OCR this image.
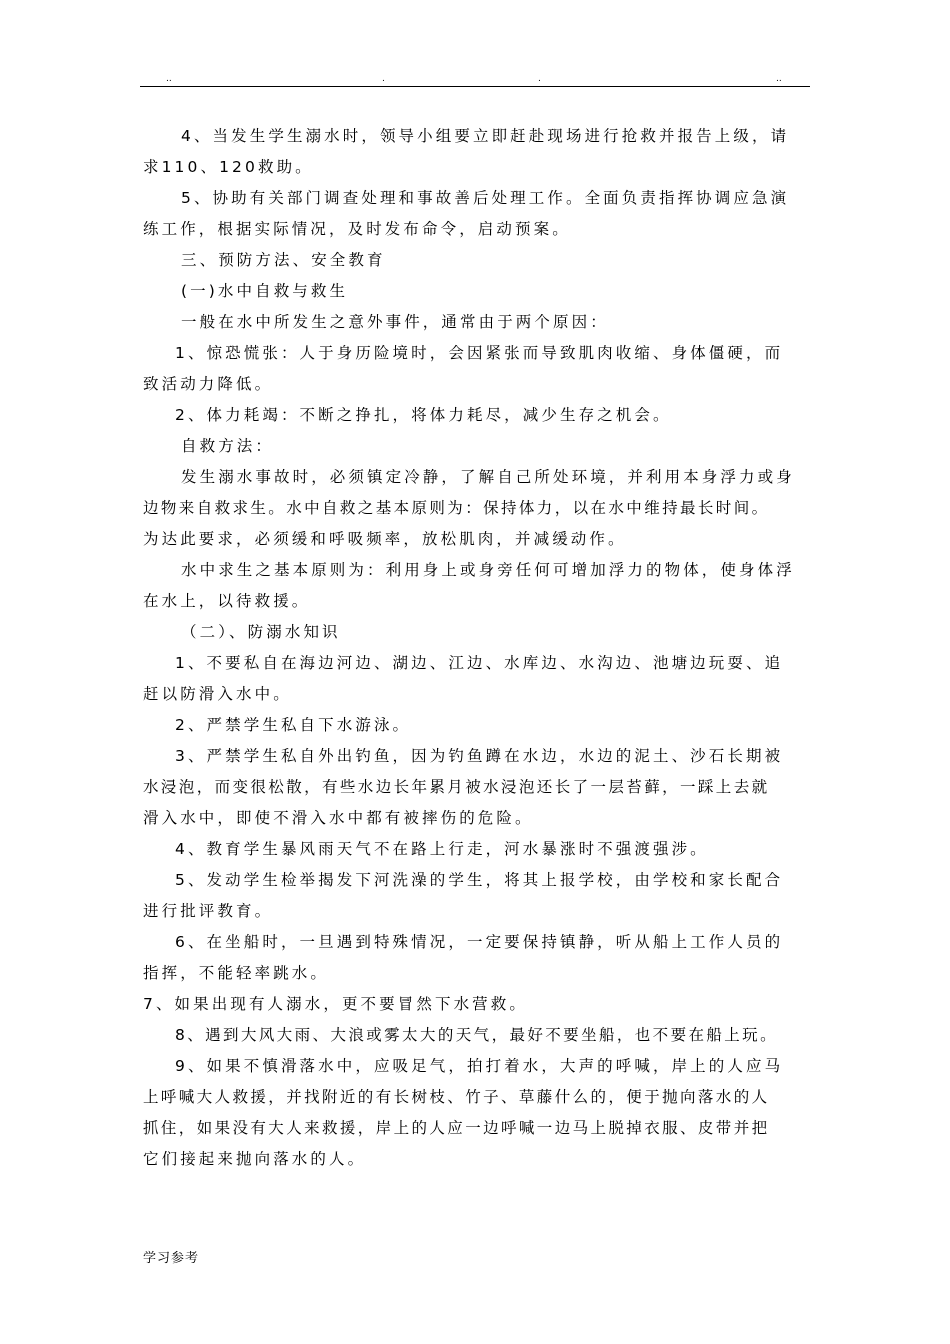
..	.	.	..
4、当发生学生溺水时，领导小组要立即赶赴现场进行抢救并报告上级，请
求110、120救助。
5、协助有关部门调查处理和事故善后处理工作。全面负责指挥协调应急演
练工作，根据实际情况，及时发布命令，启动预案。
三、预防方法、安全教育
(一)水中自救与救生
一般在水中所发生之意外事件，通常由于两个原因：
1、惊恐慌张：人于身历险境时，会因紧张而导致肌肉收缩、身体僵硬，而
致活动力降低。
2、体力耗竭：不断之挣扎，将体力耗尽，减少生存之机会。
自救方法：
发生溺水事故时，必须镇定冷静，了解自己所处环境，并利用本身浮力或身
边物来自救求生。水中自救之基本原则为：保持体力，以在水中维持最长时间。
为达此要求，必须缓和呼吸频率，放松肌肉，并减缓动作。
水中求生之基本原则为：利用身上或身旁任何可增加浮力的物体，使身体浮
在水上，以待救援。
（二）、防溺水知识
1、不要私自在海边河边、湖边、江边、水库边、水沟边、池塘边玩耍、追
赶以防滑入水中。
2、严禁学生私自下水游泳。
3、严禁学生私自外出钓鱼，因为钓鱼蹲在水边，水边的泥土、沙石长期被
水浸泡，而变很松散，有些水边长年累月被水浸泡还长了一层苔藓，一踩上去就
滑入水中，即使不滑入水中都有被摔伤的危险。
4、教育学生暴风雨天气不在路上行走，河水暴涨时不强渡强涉。
5、发动学生检举揭发下河洗澡的学生，将其上报学校，由学校和家长配合
进行批评教育。
6、在坐船时，一旦遇到特殊情况，一定要保持镇静，听从船上工作人员的
指挥，不能轻率跳水。
7、如果出现有人溺水，更不要冒然下水营救。
8、遇到大风大雨、大浪或雾太大的天气，最好不要坐船，也不要在船上玩。
9、如果不慎滑落水中，应吸足气，拍打着水，大声的呼喊，岸上的人应马
上呼喊大人救援，并找附近的有长树枝、竹子、草藤什么的，便于抛向落水的人
抓住，如果没有大人来救援，岸上的人应一边呼喊一边马上脱掉衣服、皮带并把
它们接起来抛向落水的人。
学习参考
